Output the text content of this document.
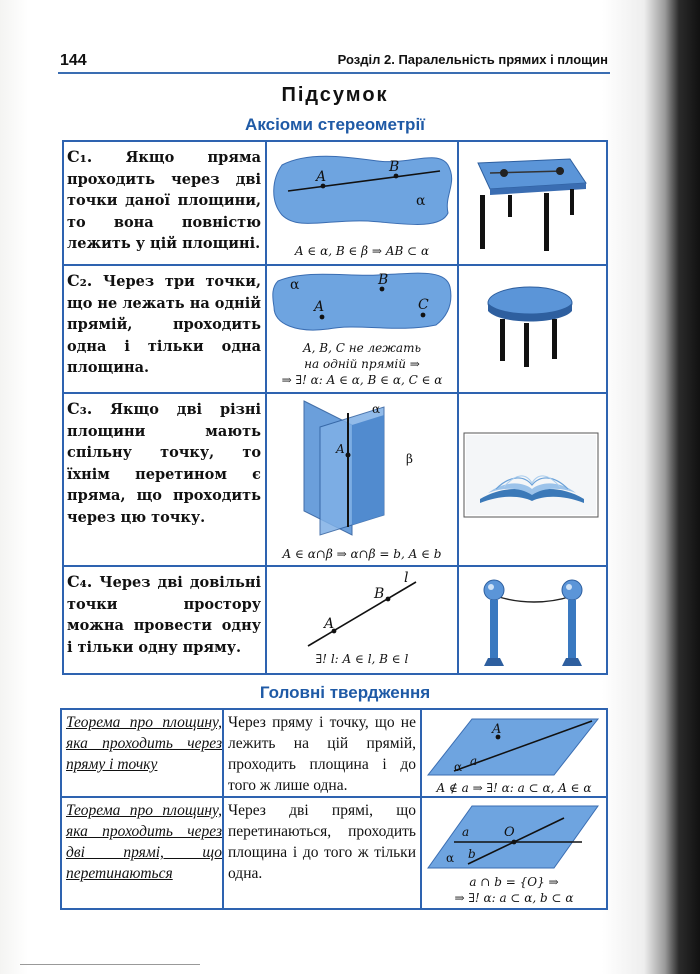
144	Розділ 2. Паралельність прямих і площин
Підсумок
Аксіоми стереометрії
C₁. Якщо пряма проходить через дві точки даної площини, то вона повністю лежить у цій площині.
A
B
α
A ∈ α, B ∈ β ⇒ AB ⊂ α
C₂. Через три точки, що не лежать на одній прямій, проходить одна і тільки одна площина.
α
A
B
C
A, B, C не лежать
на одній прямій ⇒
⇒ ∃! α: A ∈ α, B ∈ α, C ∈ α
C₃. Якщо дві різні площини мають спільну точку, то їхнім перетином є пряма, що проходить через цю точку.
A
α
β
A ∈ α∩β ⇒ α∩β = b, A ∈ b
C₄. Через дві довільні точки простору можна провести одну і тільки одну пряму.
A
B
l
∃! l: A ∈ l, B ∈ l
Головні твердження
Теорема про площину, яка проходить через пряму і точку
Через пряму і точку, що не лежить на цій прямій, проходить площина і до того ж лише одна.
A
α a
A ∉ a ⇒ ∃! α: a ⊂ α, A ∈ α
Теорема про площину, яка проходить через дві прямі, що перетинаються
Через дві прямі, що перетинаються, проходить площина і до того ж тільки одна.
a	O
α b
a ∩ b = {O} ⇒
⇒ ∃! α: a ⊂ α, b ⊂ α
